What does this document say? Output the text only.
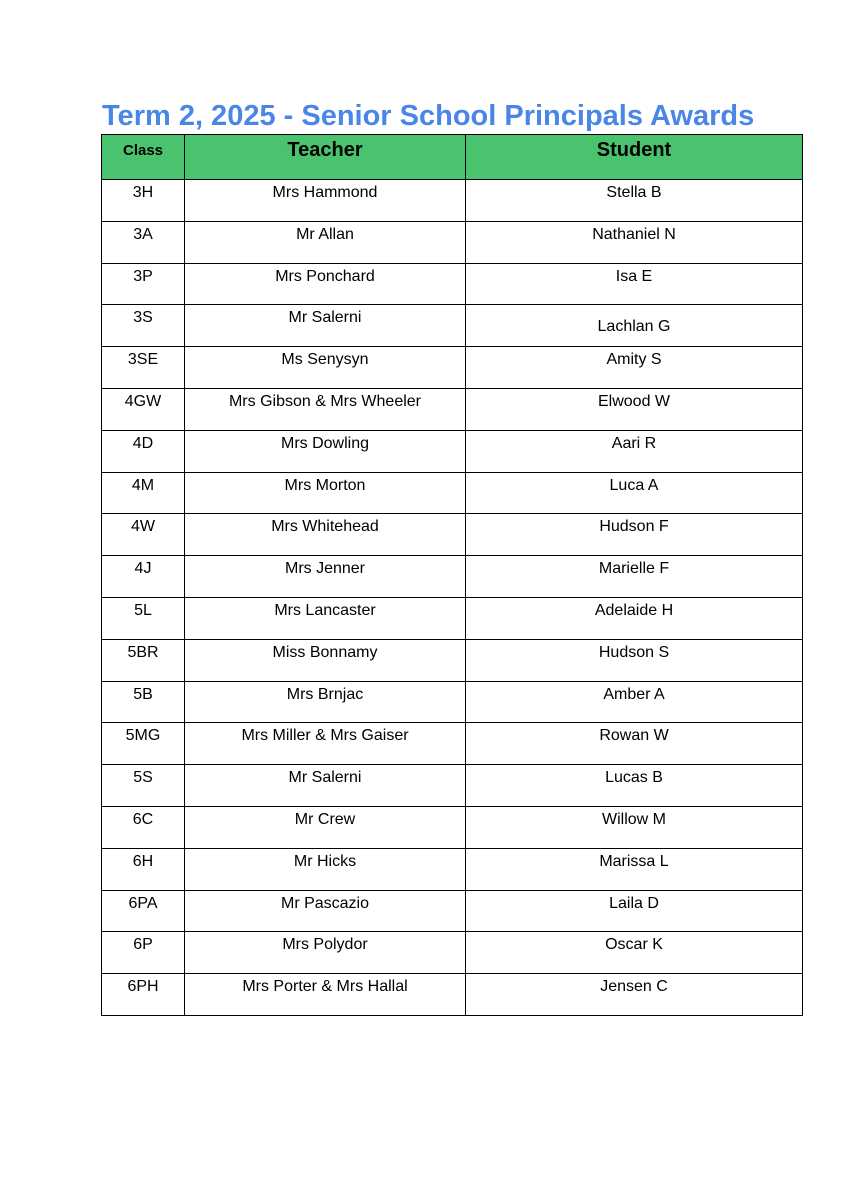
Term 2, 2025 - Senior School Principals Awards
Class	Teacher	Student
3H	Mrs Hammond	Stella B
3A	Mr Allan	Nathaniel N
3P	Mrs Ponchard	Isa E
3S	Mr Salerni	Lachlan G
3SE	Ms Senysyn	Amity S
4GW	Mrs Gibson & Mrs Wheeler	Elwood W
4D	Mrs Dowling	Aari R
4M	Mrs Morton	Luca A
4W	Mrs Whitehead	Hudson F
4J	Mrs Jenner	Marielle F
5L	Mrs Lancaster	Adelaide H
5BR	Miss Bonnamy	Hudson S
5B	Mrs Brnjac	Amber A
5MG	Mrs Miller & Mrs Gaiser	Rowan W
5S	Mr Salerni	Lucas B
6C	Mr Crew	Willow M
6H	Mr Hicks	Marissa L
6PA	Mr Pascazio	Laila D
6P	Mrs Polydor	Oscar K
6PH	Mrs Porter & Mrs Hallal	Jensen C
